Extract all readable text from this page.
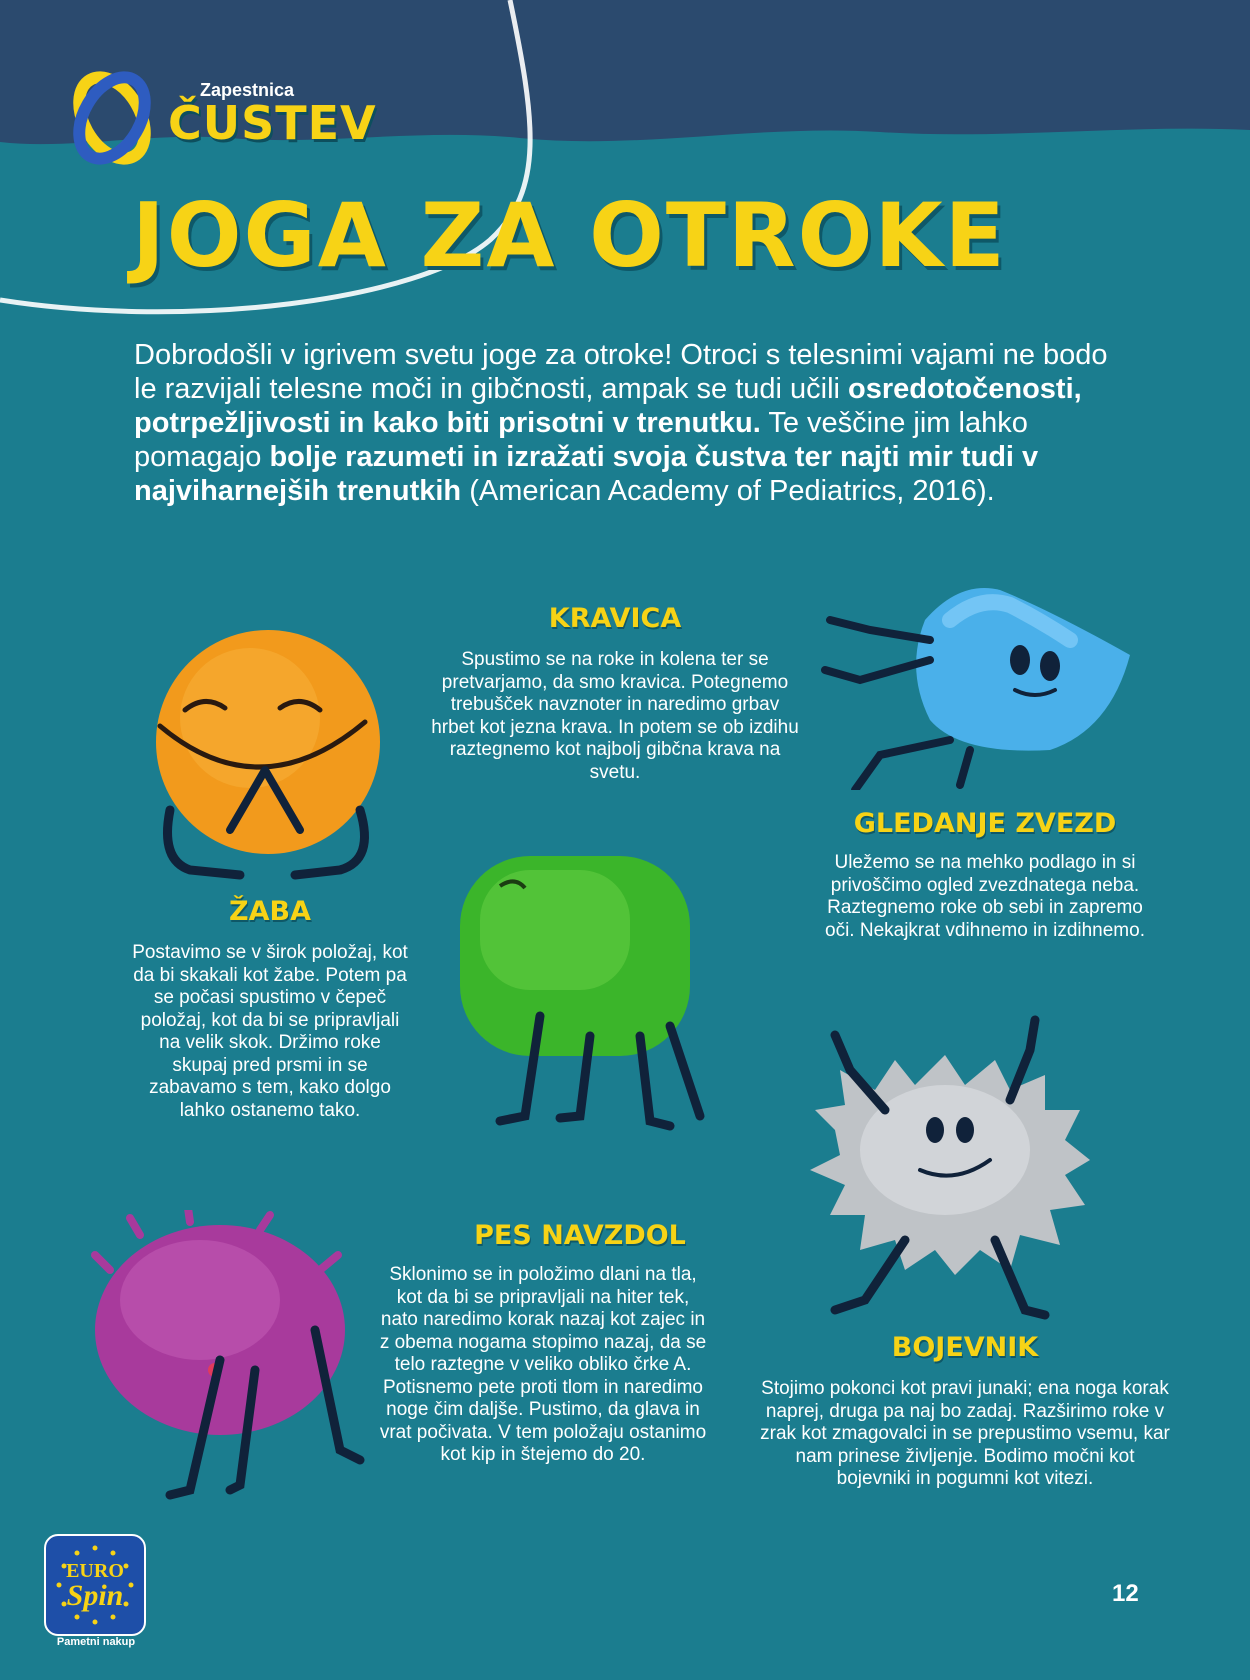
Zapestnica
ČUSTEV
JOGA ZA OTROKE
Dobrodošli v igrivem svetu joge za otroke! Otroci s telesnimi vajami ne bodo le razvijali telesne moči in gibčnosti, ampak se tudi učili osredotočenosti, potrpežljivosti in kako biti prisotni v trenutku. Te veščine jim lahko pomagajo bolje razumeti in izražati svoja čustva ter najti mir tudi v najviharnejših trenutkih (American Academy of Pediatrics, 2016).
KRAVICA
Spustimo se na roke in kolena ter se pretvarjamo, da smo kravica. Potegnemo trebušček navznoter in naredimo grbav hrbet kot jezna krava. In potem se ob izdihu raztegnemo kot najbolj gibčna krava na svetu.
GLEDANJE ZVEZD
Uležemo se na mehko podlago in si privoščimo ogled zvezdnatega neba. Raztegnemo roke ob sebi in zapremo oči. Nekajkrat vdihnemo in izdihnemo.
ŽABA
Postavimo se v širok položaj, kot da bi skakali kot žabe. Potem pa se počasi spustimo v čepeč položaj, kot da bi se pripravljali na velik skok. Držimo roke skupaj pred prsmi in se zabavamo s tem, kako dolgo lahko ostanemo tako.
PES NAVZDOL
Sklonimo se in položimo dlani na tla, kot da bi se pripravljali na hiter tek, nato naredimo korak nazaj kot zajec in z obema nogama stopimo nazaj, da se telo raztegne v veliko obliko črke A. Potisnemo pete proti tlom in naredimo noge čim daljše. Pustimo, da glava in vrat počivata. V tem položaju ostanimo kot kip in štejemo do 20.
BOJEVNIK
Stojimo pokonci kot pravi junaki; ena noga korak naprej, druga pa naj bo zadaj. Razširimo roke v zrak kot zmagovalci in se prepustimo vsemu, kar nam prinese življenje. Bodimo močni kot bojevniki in pogumni kot vitezi.
EURO
Spin
Pametni nakup
12
